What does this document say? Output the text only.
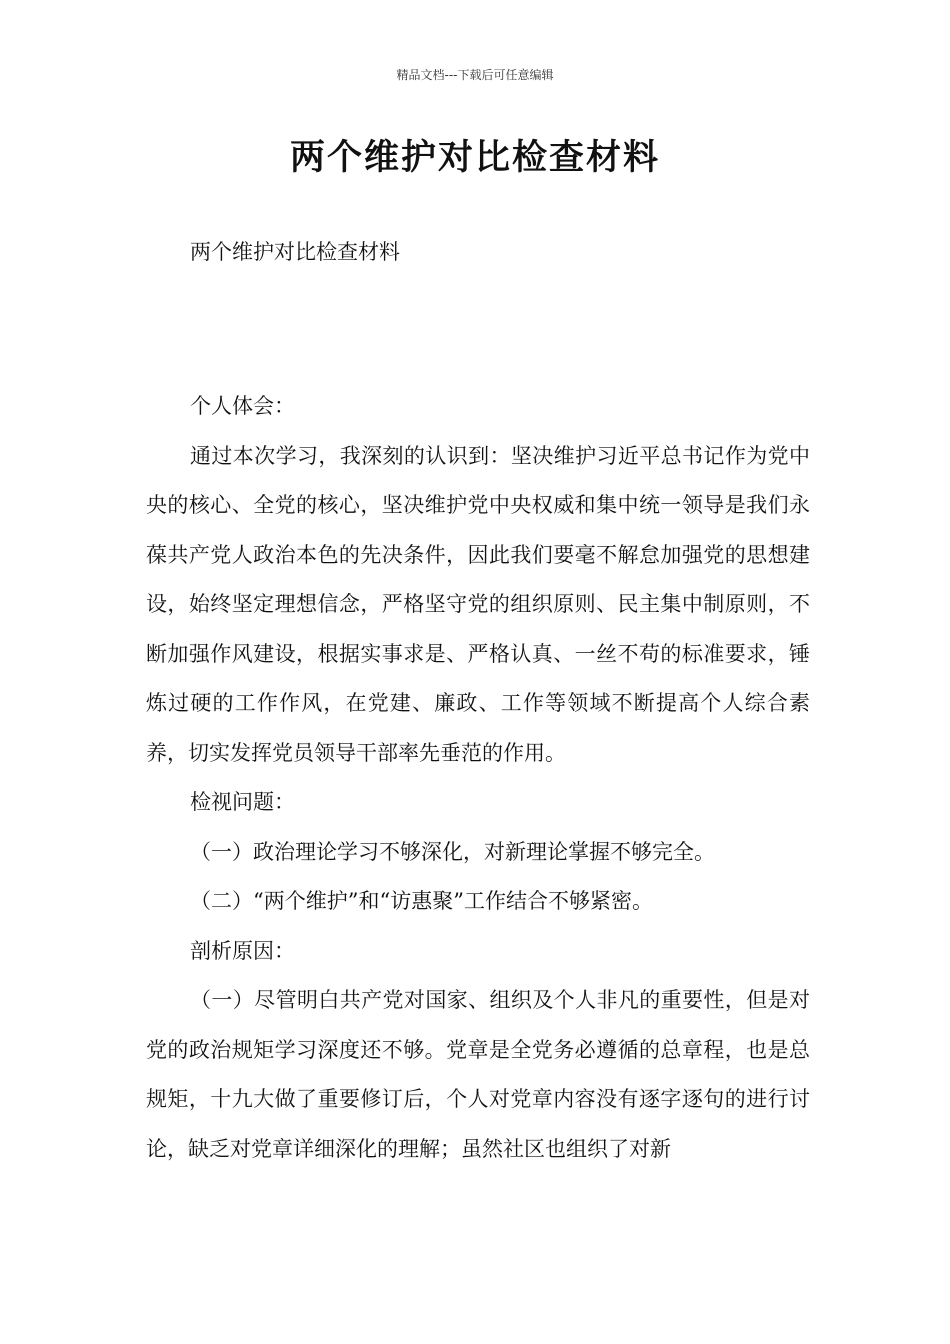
精品文档---下载后可任意编辑
两个维护对比检查材料
两个维护对比检查材料

个人体会：

通过本次学习，我深刻的认识到：坚决维护习近平总书记作为党中央的核心、全党的核心，坚决维护党中央权威和集中统一领导是我们永葆共产党人政治本色的先决条件，因此我们要毫不解怠加强党的思想建设，始终坚定理想信念，严格坚守党的组织原则、民主集中制原则，不断加强作风建设，根据实事求是、严格认真、一丝不苟的标准要求，锤炼过硬的工作作风，在党建、廉政、工作等领域不断提高个人综合素养，切实发挥党员领导干部率先垂范的作用。

检视问题：

（一）政治理论学习不够深化，对新理论掌握不够完全。

（二）“两个维护”和“访惠聚”工作结合不够紧密。

剖析原因：

（一）尽管明白共产党对国家、组织及个人非凡的重要性，但是对党的政治规矩学习深度还不够。党章是全党务必遵循的总章程，也是总规矩，十九大做了重要修订后，个人对党章内容没有逐字逐句的进行讨论，缺乏对党章详细深化的理解；虽然社区也组织了对新
